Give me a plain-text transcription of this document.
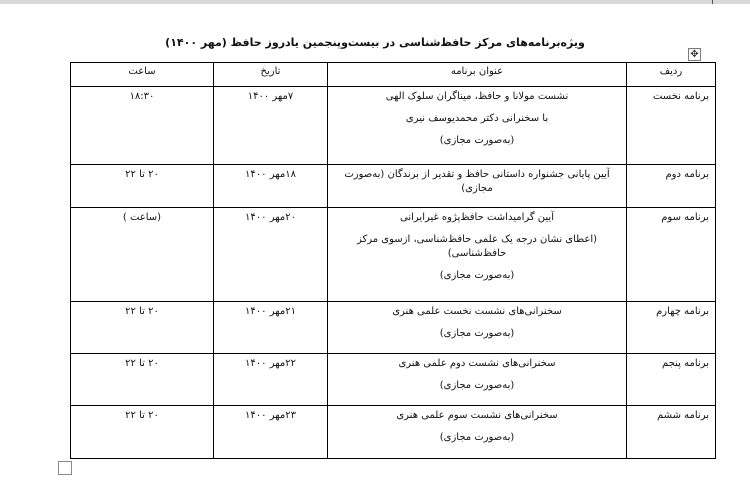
✥
ویژه‌برنامه‌های مرکز حافظ‌شناسی در بیست‌وپنجمین یادروز حافظ (مهر ۱۴۰۰)
ردیف	عنوان برنامه	تاریخ	ساعت
برنامه نخست	نشست مولانا و حافظ، میناگران سلوک الهی
با سخنرانی دکتر محمدیوسف نیری
(به‌صورت مجازی)	۷مهر ۱۴۰۰	۱۸:۳۰
برنامه دوم	آیین پایانی جشنواره داستانی حافظ و تقدیر از برندگان (به‌صورت مجازی)	۱۸مهر ۱۴۰۰	۲۰ تا ۲۲
برنامه سوم	آیین گرامیداشت حافظ‌پژوه غیرایرانی
(اعطای نشان درجه یک علمی حافظ‌شناسی، ازسوی مرکز حافظ‌شناسی)
(به‌صورت مجازی)	۲۰مهر ۱۴۰۰	(ساعت )
برنامه چهارم	سخنرانی‌های نشست نخست علمی هنری
(به‌صورت مجازی)	۲۱مهر ۱۴۰۰	۲۰ تا ۲۲
برنامه پنجم	سخنرانی‌های نشست دوم علمی هنری
(به‌صورت مجازی)	۲۲مهر ۱۴۰۰	۲۰ تا ۲۲
برنامه ششم	سخنرانی‌های نشست سوم علمی هنری
(به‌صورت مجازی)	۲۳مهر ۱۴۰۰	۲۰ تا ۲۲
